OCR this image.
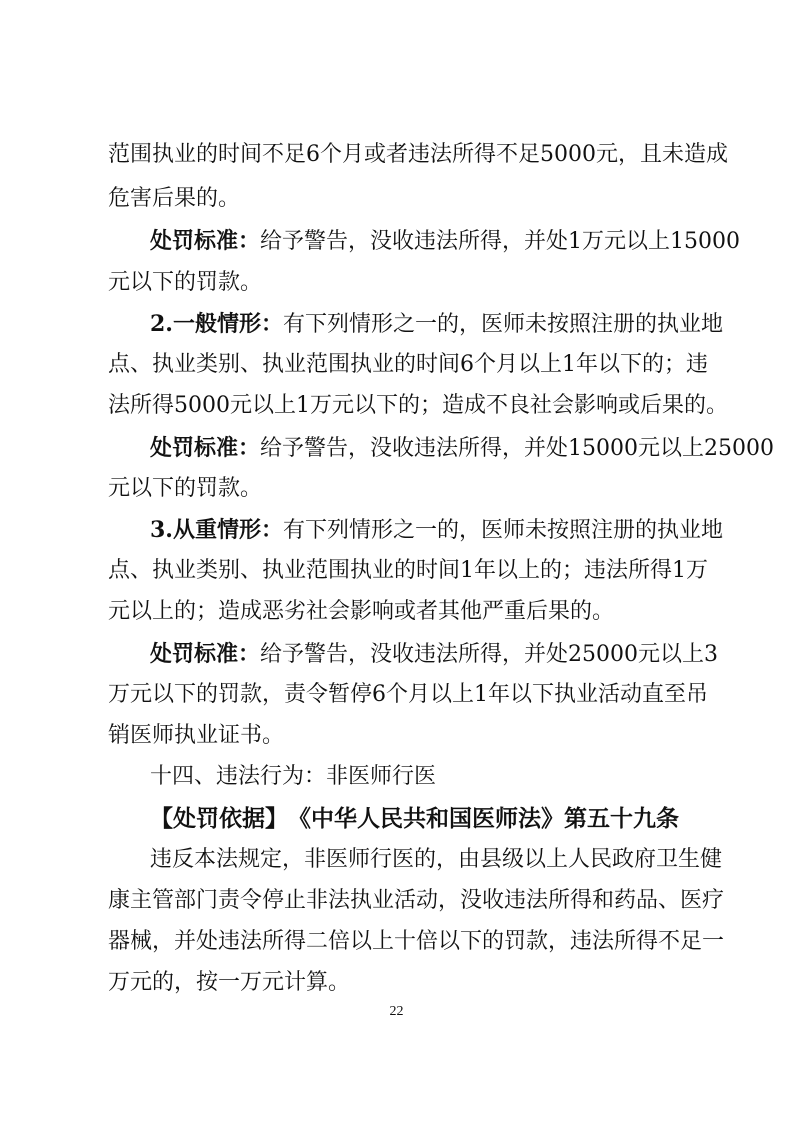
范围执业的时间不足6个月或者违法所得不足5000元，且未造成
危害后果的。
处罚标准：给予警告，没收违法所得，并处1万元以上15000
元以下的罚款。
2.一般情形：有下列情形之一的，医师未按照注册的执业地
点、执业类别、执业范围执业的时间6个月以上1年以下的；违
法所得5000元以上1万元以下的；造成不良社会影响或后果的。
处罚标准：给予警告，没收违法所得，并处15000元以上25000
元以下的罚款。
3.从重情形：有下列情形之一的，医师未按照注册的执业地
点、执业类别、执业范围执业的时间1年以上的；违法所得1万
元以上的；造成恶劣社会影响或者其他严重后果的。
处罚标准：给予警告，没收违法所得，并处25000元以上3
万元以下的罚款，责令暂停6个月以上1年以下执业活动直至吊
销医师执业证书。
十四、违法行为：非医师行医
【处罚依据】　《中华人民共和国医师法》第五十九条
违反本法规定，非医师行医的，由县级以上人民政府卫生健
康主管部门责令停止非法执业活动，没收违法所得和药品、医疗
器械，并处违法所得二倍以上十倍以下的罚款，违法所得不足一
万元的，按一万元计算。
22
